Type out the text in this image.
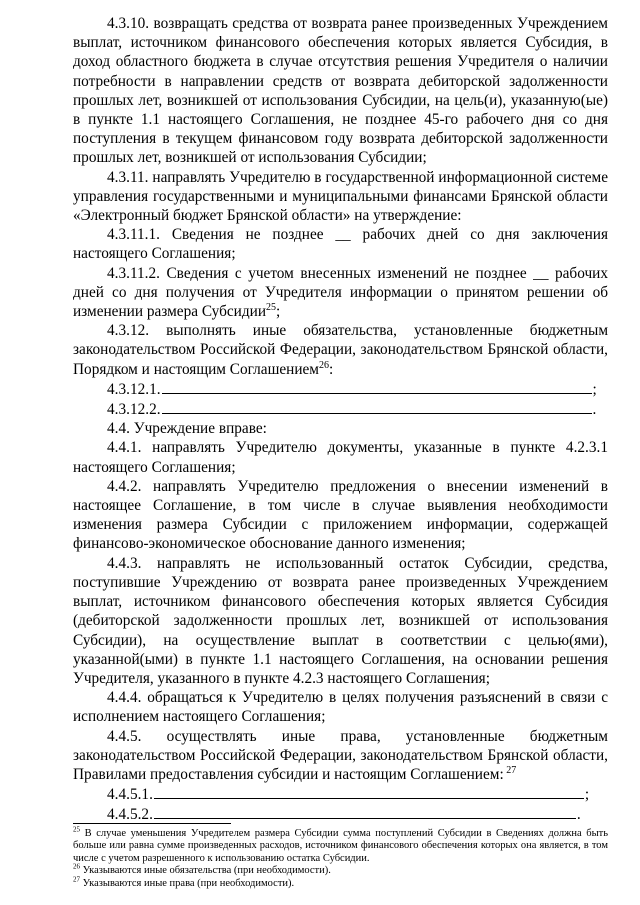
4.3.10. возвращать средства от возврата ранее произведенных Учреждением выплат, источником финансового обеспечения которых является Субсидия, в доход областного бюджета в случае отсутствия решения Учредителя о наличии потребности в направлении средств от возврата дебиторской задолженности прошлых лет, возникшей от использования Субсидии, на цель(и), указанную(ые) в пункте 1.1 настоящего Соглашения, не позднее 45-го рабочего дня со дня поступления в текущем финансовом году возврата дебиторской задолженности прошлых лет, возникшей от использования Субсидии;

4.3.11. направлять Учредителю в государственной информационной системе управления государственными и муниципальными финансами Брянской области «Электронный бюджет Брянской области» на утверждение:

4.3.11.1. Сведения не позднее __ рабочих дней со дня заключения настоящего Соглашения;

4.3.11.2. Сведения с учетом внесенных изменений не позднее __ рабочих дней со дня получения от Учредителя информации о принятом решении об изменении размера Субсидии$^{25}$;

4.3.12. выполнять иные обязательства, установленные бюджетным законодательством Российской Федерации, законодательством Брянской области, Порядком и настоящим Соглашением$^{26}$:

4.3.12.1.	;
4.3.12.2.	.

4.4. Учреждение вправе:

4.4.1. направлять Учредителю документы, указанные в пункте 4.2.3.1 настоящего Соглашения;

4.4.2. направлять Учредителю предложения о внесении изменений в настоящее Соглашение, в том числе в случае выявления необходимости изменения размера Субсидии с приложением информации, содержащей финансово-экономическое обоснование данного изменения;

4.4.3. направлять не использованный остаток Субсидии, средства, поступившие Учреждению от возврата ранее произведенных Учреждением выплат, источником финансового обеспечения которых является Субсидия (дебиторской задолженности прошлых лет, возникшей от использования Субсидии), на осуществление выплат в соответствии с целью(ями), указанной(ыми) в пункте 1.1 настоящего Соглашения, на основании решения Учредителя, указанного в пункте 4.2.3 настоящего Соглашения;

4.4.4. обращаться к Учредителю в целях получения разъяснений в связи с исполнением настоящего Соглашения;

4.4.5. осуществлять иные права, установленные бюджетным законодательством Российской Федерации, законодательством Брянской области, Правилами предоставления субсидии и настоящим Соглашением: $^{27}$

4.4.5.1.	;
4.4.5.2.	.

$^{25}$ В случае уменьшения Учредителем размера Субсидии сумма поступлений Субсидии в Сведениях должна быть больше или равна сумме произведенных расходов, источником финансового обеспечения которых она является, в том числе с учетом разрешенного к использованию остатка Субсидии.

$^{26}$ Указываются иные обязательства (при необходимости).

$^{27}$ Указываются иные права (при необходимости).
